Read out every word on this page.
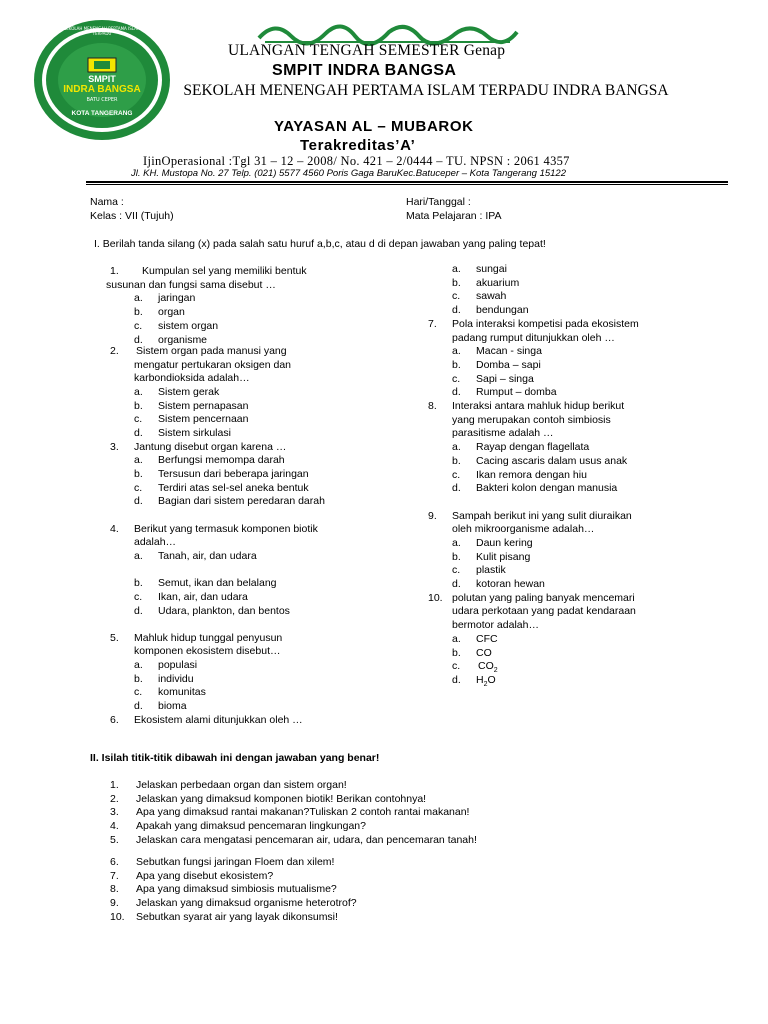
SEKOLAH MENENGAH PERTAMA ISLAM TERPADU
SMPIT
INDRA BANGSA
BATU CEPER
KOTA TANGERANG
ULANGAN TENGAH SEMESTER Genap
SMPIT INDRA BANGSA
SEKOLAH MENENGAH PERTAMA ISLAM TERPADU INDRA BANGSA
YAYASAN AL – MUBAROK
Terakreditas’A’
IjinOperasional :Tgl 31 – 12 – 2008/ No. 421 – 2/0444 – TU. NPSN : 2061 4357
Jl. KH. Mustopa No. 27 Telp. (021) 5577 4560 Poris Gaga BaruKec.Batuceper – Kota Tangerang 15122
Nama :
Kelas : VII (Tujuh)
Hari/Tanggal :
Mata Pelajaran : IPA
I. Berilah tanda silang (x) pada salah satu huruf a,b,c, atau d di depan jawaban yang paling tepat!
1. Kumpulan sel yang memiliki bentuk
susunan dan fungsi sama disebut …
a. jaringan
b. organ
c. sistem organ
d. organisme
2. Sistem organ pada manusi yang
mengatur pertukaran oksigen dan
karbondioksida adalah…
a. Sistem gerak
b. Sistem pernapasan
c. Sistem pencernaan
d. Sistem sirkulasi
3. Jantung disebut organ karena …
a. Berfungsi memompa darah
b. Tersusun dari beberapa jaringan
c. Terdiri atas sel-sel aneka bentuk
d. Bagian dari sistem peredaran darah
4. Berikut yang termasuk komponen biotik
adalah…
a. Tanah, air, dan udara
b. Semut, ikan dan belalang
c. Ikan, air, dan udara
d. Udara, plankton, dan bentos
5. Mahluk hidup tunggal penyusun
komponen ekosistem disebut…
a. populasi
b. individu
c. komunitas
d. bioma
6. Ekosistem alami ditunjukkan oleh …
a. sungai
b. akuarium
c. sawah
d. bendungan
7. Pola interaksi kompetisi pada ekosistem
padang rumput ditunjukkan oleh …
a. Macan - singa
b. Domba – sapi
c. Sapi – singa
d. Rumput – domba
8. Interaksi antara mahluk hidup berikut
yang merupakan contoh simbiosis
parasitisme adalah …
a. Rayap dengan flagellata
b. Cacing ascaris dalam usus anak
c. Ikan remora dengan hiu
d. Bakteri kolon dengan manusia
9. Sampah berikut ini yang sulit diuraikan
oleh mikroorganisme adalah…
a. Daun kering
b. Kulit pisang
c. plastik
d. kotoran hewan
10. polutan yang paling banyak mencemari
udara perkotaan yang padat kendaraan
bermotor adalah…
a. CFC
b. CO
c. $CO_2$
d. $H_2O$
II. Isilah titik-titik dibawah ini dengan jawaban yang benar!
1. Jelaskan perbedaan organ dan sistem organ!
2. Jelaskan yang dimaksud komponen biotik! Berikan contohnya!
3. Apa yang dimaksud rantai makanan?Tuliskan 2 contoh rantai makanan!
4. Apakah yang dimaksud pencemaran lingkungan?
5. Jelaskan cara mengatasi pencemaran air, udara, dan pencemaran tanah!
6. Sebutkan fungsi jaringan Floem dan xilem!
7. Apa yang disebut ekosistem?
8. Apa yang dimaksud simbiosis mutualisme?
9. Jelaskan yang dimaksud organisme heterotrof?
10. Sebutkan syarat air yang layak dikonsumsi!
